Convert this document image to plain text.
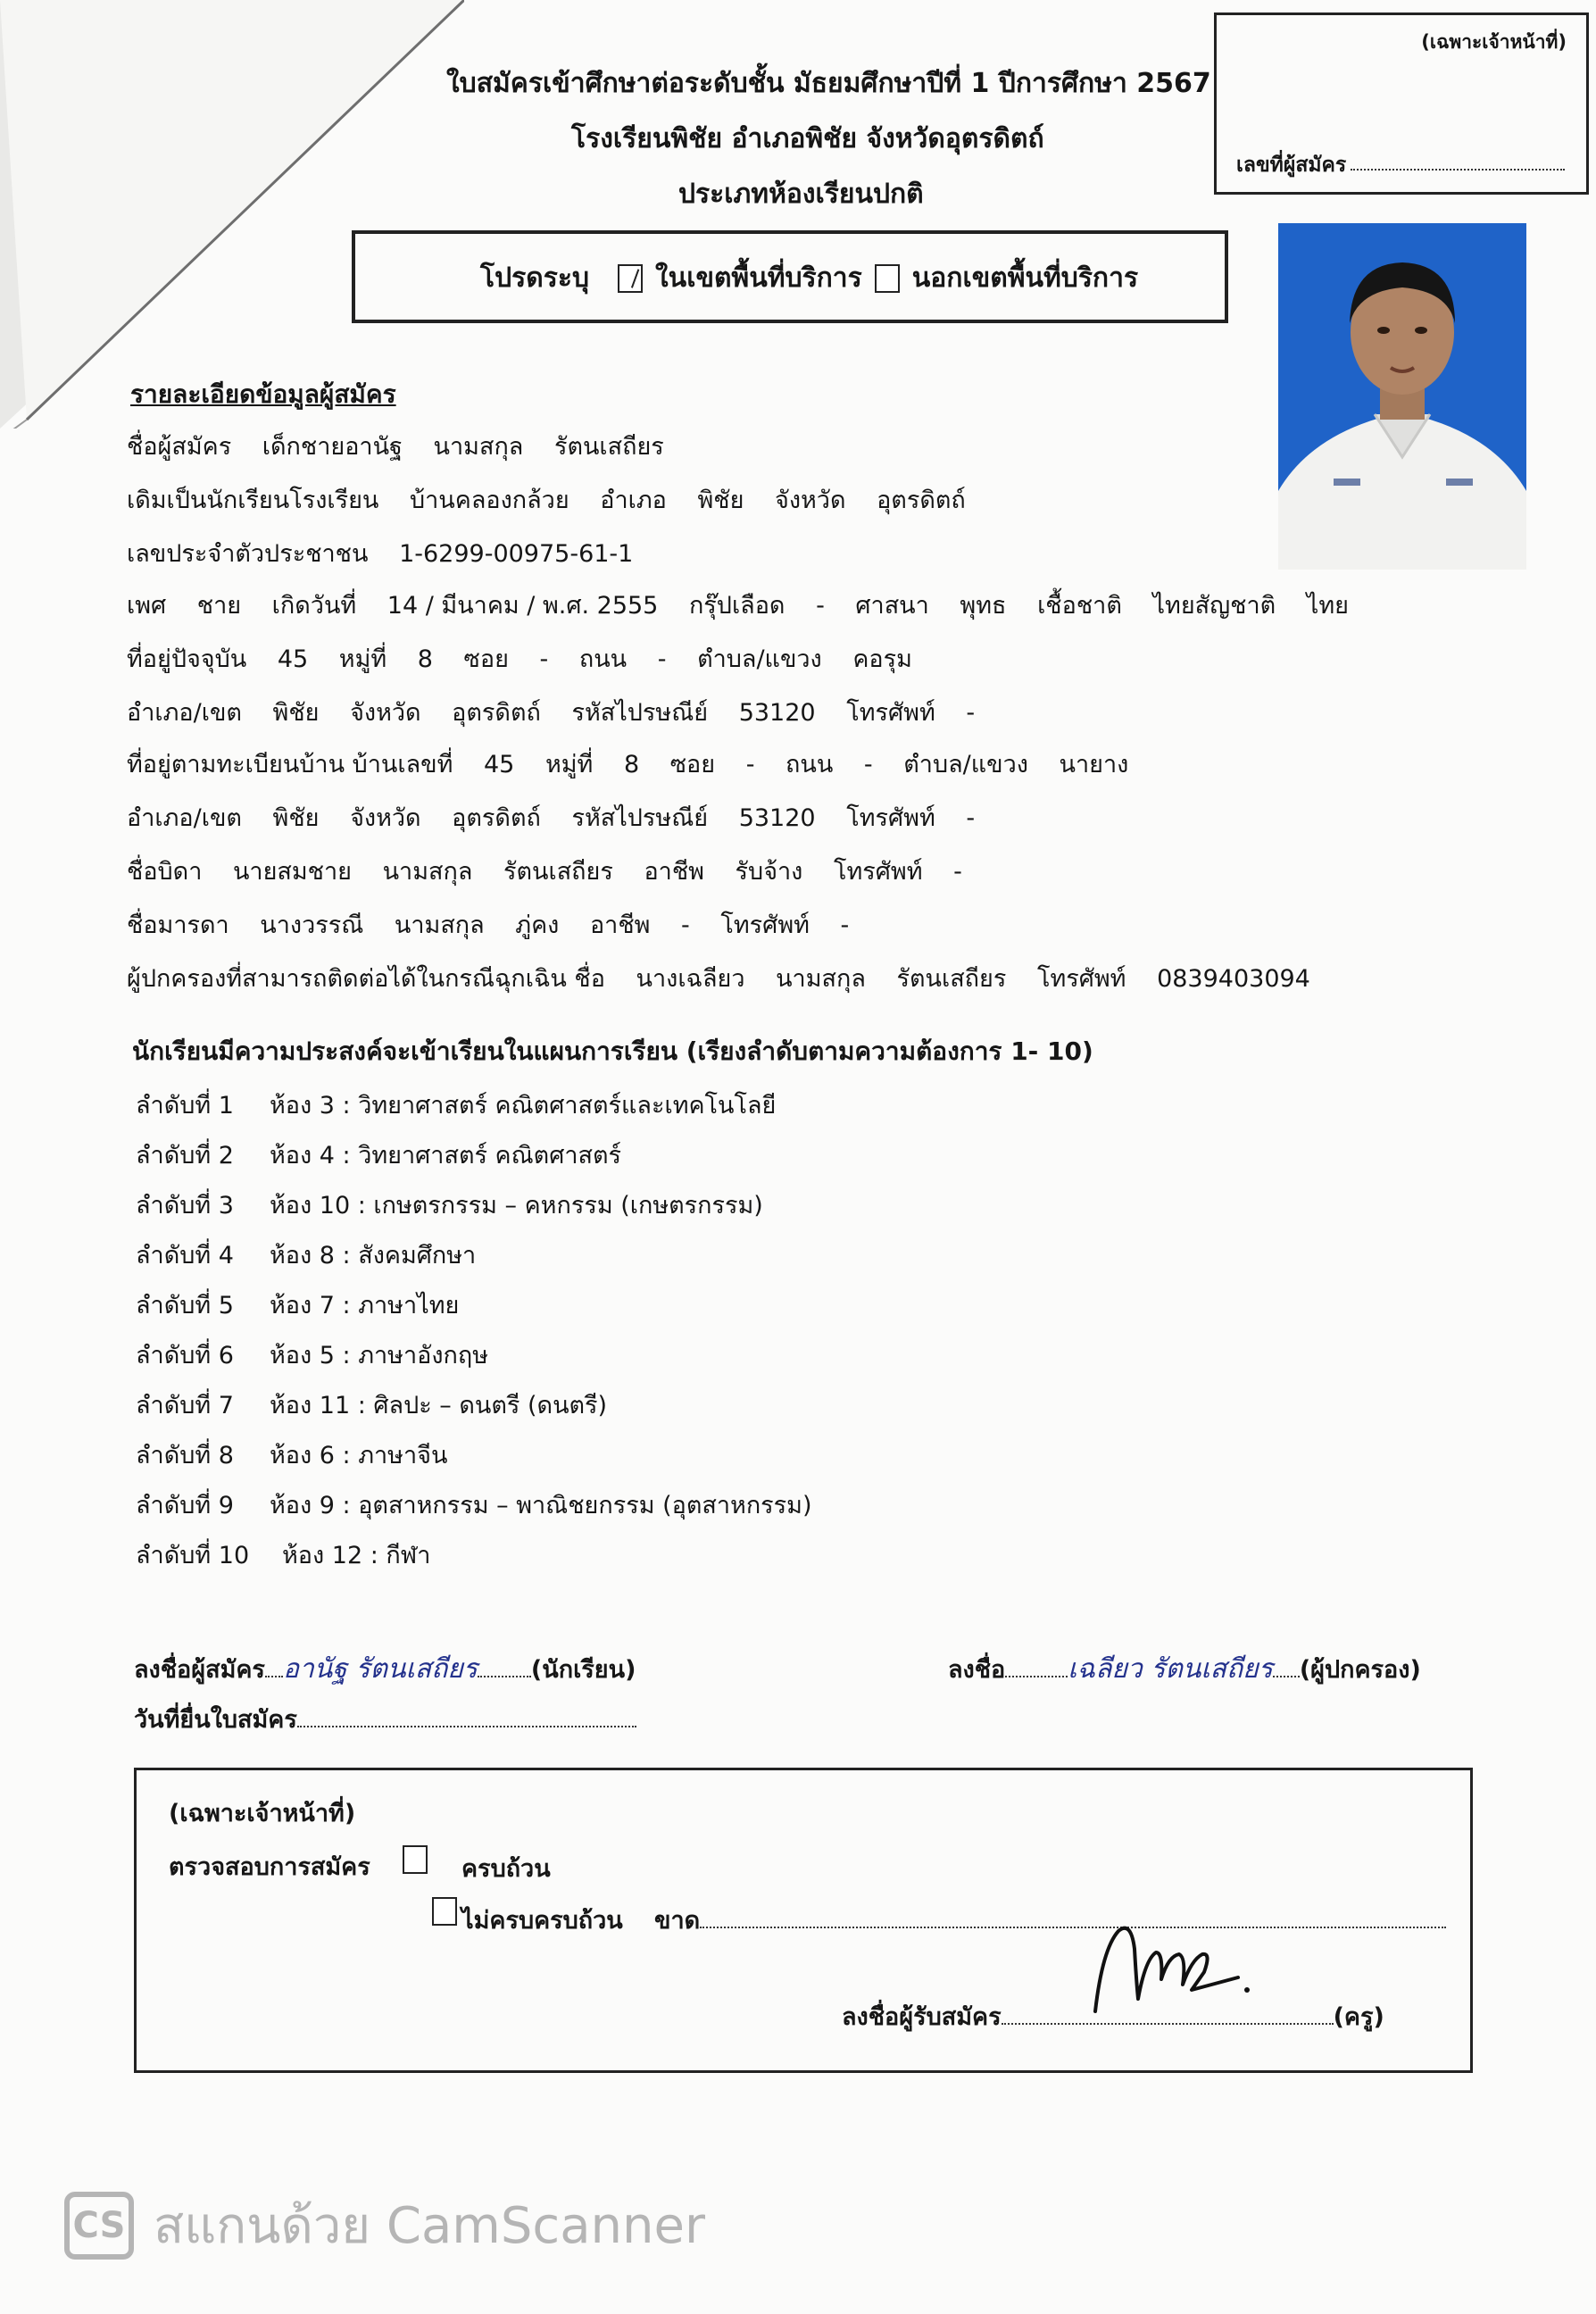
ใบสมัครเข้าศึกษาต่อระดับชั้น มัธยมศึกษาปีที่ 1 ปีการศึกษา 2567
โรงเรียนพิชัย อำเภอพิชัย จังหวัดอุตรดิตถ์
ประเภทห้องเรียนปกติ
(เฉพาะเจ้าหน้าที่)
เลขที่ผู้สมัคร
โปรดระบุ ในเขตพื้นที่บริการ นอกเขตพื้นที่บริการ
รายละเอียดข้อมูลผู้สมัคร
ชื่อผู้สมัคร เด็กชายอานัฐ นามสกุล รัตนเสถียร
เดิมเป็นนักเรียนโรงเรียน บ้านคลองกล้วย อำเภอ พิชัย จังหวัด อุตรดิตถ์
เลขประจำตัวประชาชน 1-6299-00975-61-1
เพศ ชาย เกิดวันที่ 14 / มีนาคม / พ.ศ. 2555 กรุ๊ปเลือด - ศาสนา พุทธ เชื้อชาติ ไทยสัญชาติ ไทย
ที่อยู่ปัจจุบัน 45 หมู่ที่ 8 ซอย - ถนน - ตำบล/แขวง คอรุม
อำเภอ/เขต พิชัย จังหวัด อุตรดิตถ์ รหัสไปรษณีย์ 53120 โทรศัพท์ -
ที่อยู่ตามทะเบียนบ้าน บ้านเลขที่ 45 หมู่ที่ 8 ซอย - ถนน - ตำบล/แขวง นายาง
อำเภอ/เขต พิชัย จังหวัด อุตรดิตถ์ รหัสไปรษณีย์ 53120 โทรศัพท์ -
ชื่อบิดา นายสมชาย นามสกุล รัตนเสถียร อาชีพ รับจ้าง โทรศัพท์ -
ชื่อมารดา นางวรรณี นามสกุล ภู่คง อาชีพ - โทรศัพท์ -
ผู้ปกครองที่สามารถติดต่อได้ในกรณีฉุกเฉิน ชื่อ นางเฉลียว นามสกุล รัตนเสถียร โทรศัพท์ 0839403094
นักเรียนมีความประสงค์จะเข้าเรียนในแผนการเรียน (เรียงลำดับตามความต้องการ 1- 10)
ลำดับที่ 1 ห้อง 3 : วิทยาศาสตร์ คณิตศาสตร์และเทคโนโลยี
ลำดับที่ 2 ห้อง 4 : วิทยาศาสตร์ คณิตศาสตร์
ลำดับที่ 3 ห้อง 10 : เกษตรกรรม – คหกรรม (เกษตรกรรม)
ลำดับที่ 4 ห้อง 8 : สังคมศึกษา
ลำดับที่ 5 ห้อง 7 : ภาษาไทย
ลำดับที่ 6 ห้อง 5 : ภาษาอังกฤษ
ลำดับที่ 7 ห้อง 11 : ศิลปะ – ดนตรี (ดนตรี)
ลำดับที่ 8 ห้อง 6 : ภาษาจีน
ลำดับที่ 9 ห้อง 9 : อุตสาหกรรม – พาณิชยกรรม (อุตสาหกรรม)
ลำดับที่ 10 ห้อง 12 : กีฬา
ลงชื่อผู้สมัคร อานัฐ รัตนเสถียร (นักเรียน)	ลงชื่อ เฉลียว รัตนเสถียร (ผู้ปกครอง)
วันที่ยื่นใบสมัคร
(เฉพาะเจ้าหน้าที่)
ตรวจสอบการสมัคร
	ครบถ้วน
ไม่ครบครบถ้วน ขาด
ลงชื่อผู้รับสมัคร	(ครู)
CS สแกนด้วย CamScanner
